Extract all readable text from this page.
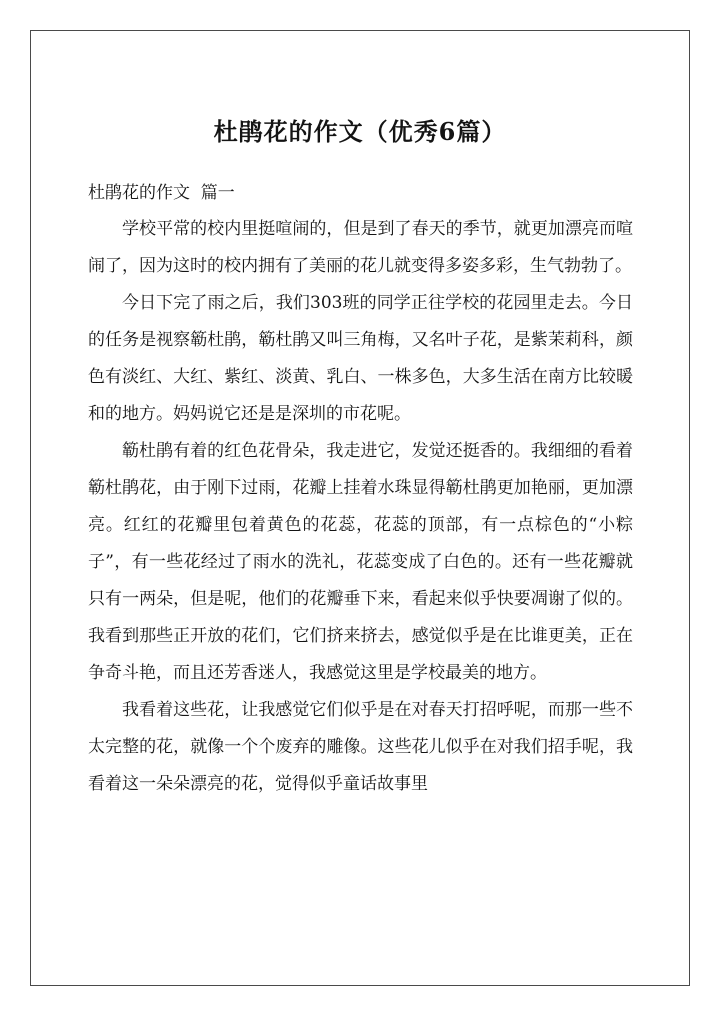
杜鹃花的作文（优秀6篇）
杜鹃花的作文  篇一

学校平常的校内里挺喧闹的，但是到了春天的季节，就更加漂亮而喧闹了，因为这时的校内拥有了美丽的花儿就变得多姿多彩，生气勃勃了。

今日下完了雨之后，我们303班的同学正往学校的花园里走去。今日的任务是视察簕杜鹃，簕杜鹃又叫三角梅，又名叶子花，是紫茉莉科，颜色有淡红、大红、紫红、淡黄、乳白、一株多色，大多生活在南方比较暖和的地方。妈妈说它还是是深圳的市花呢。

簕杜鹃有着的红色花骨朵，我走进它，发觉还挺香的。我细细的看着簕杜鹃花，由于刚下过雨，花瓣上挂着水珠显得簕杜鹃更加艳丽，更加漂亮。红红的花瓣里包着黄色的花蕊，花蕊的顶部，有一点棕色的“小粽子”，有一些花经过了雨水的洗礼，花蕊变成了白色的。还有一些花瓣就只有一两朵，但是呢，他们的花瓣垂下来，看起来似乎快要凋谢了似的。我看到那些正开放的花们，它们挤来挤去，感觉似乎是在比谁更美，正在争奇斗艳，而且还芳香迷人，我感觉这里是学校最美的地方。

我看着这些花，让我感觉它们似乎是在对春天打招呼呢，而那一些不太完整的花，就像一个个废弃的雕像。这些花儿似乎在对我们招手呢，我看着这一朵朵漂亮的花，觉得似乎童话故事里
